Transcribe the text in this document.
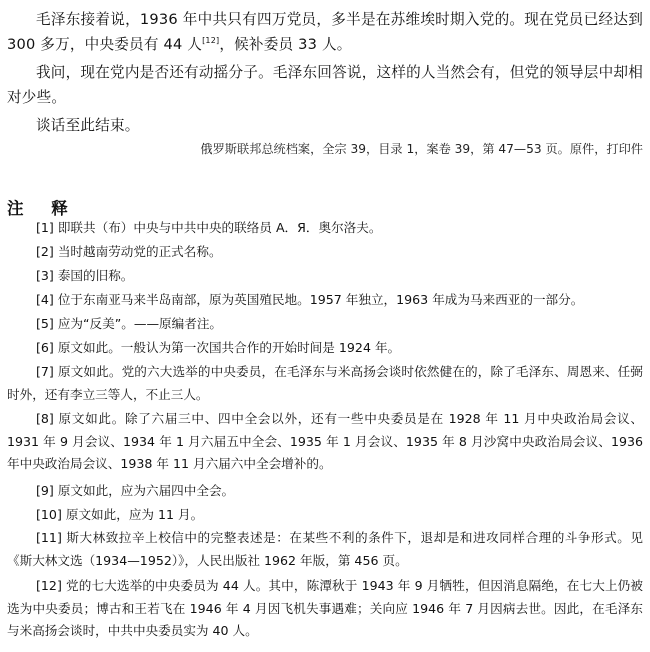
毛泽东接着说，1936 年中共只有四万党员，多半是在苏维埃时期入党的。现在党员已经达到 300 多万，中央委员有 44 人[12]，候补委员 33 人。

我问，现在党内是否还有动摇分子。毛泽东回答说，这样的人当然会有，但党的领导层中却相对少些。

谈话至此结束。

俄罗斯联邦总统档案，全宗 39，目录 1，案卷 39，第 47—53 页。原件，打印件
注 释

[1] 即联共（布）中央与中共中央的联络员 А．Я．奥尔洛夫。

[2] 当时越南劳动党的正式名称。

[3] 泰国的旧称。

[4] 位于东南亚马来半岛南部，原为英国殖民地。1957 年独立，1963 年成为马来西亚的一部分。

[5] 应为“反美”。——原编者注。

[6] 原文如此。一般认为第一次国共合作的开始时间是 1924 年。

[7] 原文如此。党的六大选举的中央委员，在毛泽东与米高扬会谈时依然健在的，除了毛泽东、周恩来、任弼时外，还有李立三等人，不止三人。

[8] 原文如此。除了六届三中、四中全会以外，还有一些中央委员是在 1928 年 11 月中央政治局会议、1931 年 9 月会议、1934 年 1 月六届五中全会、1935 年 1 月会议、1935 年 8 月沙窝中央政治局会议、1936 年中央政治局会议、1938 年 11 月六届六中全会增补的。

[9] 原文如此，应为六届四中全会。

[10] 原文如此，应为 11 月。

[11] 斯大林致拉辛上校信中的完整表述是：在某些不利的条件下，退却是和进攻同样合理的斗争形式。见《斯大林文选（1934—1952）》，人民出版社 1962 年版，第 456 页。

[12] 党的七大选举的中央委员为 44 人。其中，陈潭秋于 1943 年 9 月牺牲，但因消息隔绝，在七大上仍被选为中央委员；博古和王若飞在 1946 年 4 月因飞机失事遇难；关向应 1946 年 7 月因病去世。因此，在毛泽东与米高扬会谈时，中共中央委员实为 40 人。
